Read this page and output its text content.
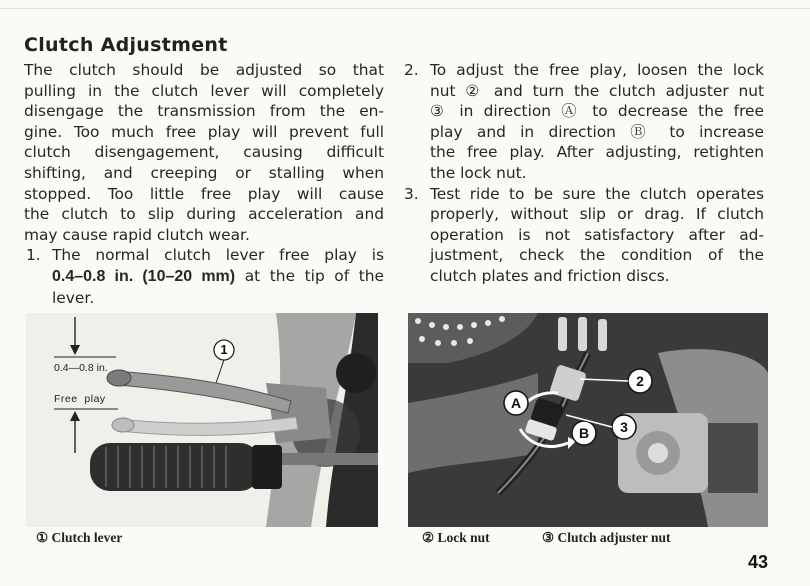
Clutch Adjustment

The clutch should be adjusted so that

pulling in the clutch lever will completely

disengage the transmission from the en-

gine. Too much free play will prevent full

clutch disengagement, causing difficult

shifting, and creeping or stalling when

stopped. Too little free play will cause

the clutch to slip during acceleration and

may cause rapid clutch wear.

1. The normal clutch lever free play is

0.4–0.8 in. (10–20 mm) at the tip of the

lever.

2. To adjust the free play, loosen the lock

nut ② and turn the clutch adjuster nut

③ in direction Ⓐ to decrease the free

play and in direction Ⓑ to increase

the free play. After adjusting, retighten

the lock nut.

3. Test ride to be sure the clutch operates

properly, without slip or drag. If clutch

operation is not satisfactory after ad-

justment, check the condition of the

clutch plates and friction discs.

0.4—0.8 in.
Free  play
1
2
A
B 3
① Clutch lever	② Lock nut	③ Clutch adjuster nut
43
